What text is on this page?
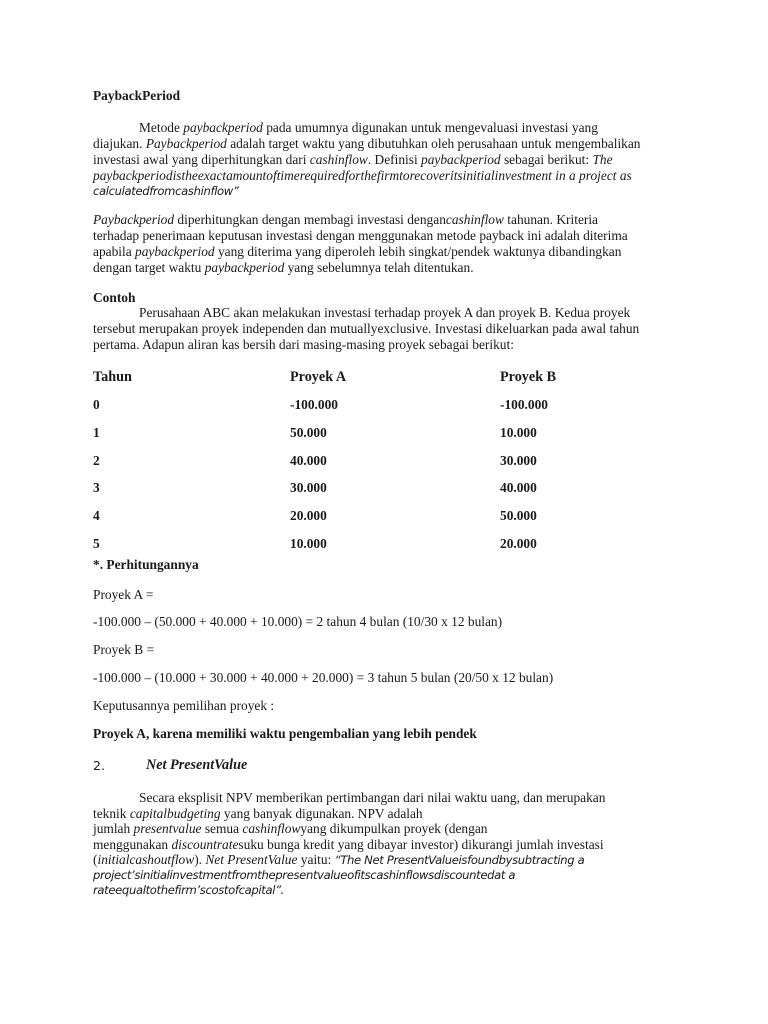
PaybackPeriod
Metode paybackperiod pada umumnya digunakan untuk mengevaluasi investasi yang
diajukan. Paybackperiod adalah target waktu yang dibutuhkan oleh perusahaan untuk mengembalikan
investasi awal yang diperhitungkan dari cashinflow. Definisi paybackperiod sebagai berikut: The
paybackperiodistheexactamountoftimerequiredforthefirmtorecoveritsinitialinvestment in a project as
calculatedfromcashinflow”
Paybackperiod diperhitungkan dengan membagi investasi dengancashinflow tahunan. Kriteria
terhadap penerimaan keputusan investasi dengan menggunakan metode payback ini adalah diterima
apabila paybackperiod yang diterima yang diperoleh lebih singkat/pendek waktunya dibandingkan
dengan target waktu paybackperiod yang sebelumnya telah ditentukan.
Contoh
Perusahaan ABC akan melakukan investasi terhadap proyek A dan proyek B. Kedua proyek
tersebut merupakan proyek independen dan mutuallyexclusive. Investasi dikeluarkan pada awal tahun
pertama. Adapun aliran kas bersih dari masing-masing proyek sebagai berikut:
Tahun	Proyek A	Proyek B
0	-100.000	-100.000
1	50.000	10.000
2	40.000	30.000
3	30.000	40.000
4	20.000	50.000
5	10.000	20.000
*. Perhitungannya
Proyek A =
-100.000 – (50.000 + 40.000 + 10.000) = 2 tahun 4 bulan (10/30 x 12 bulan)
Proyek B =
-100.000 – (10.000 + 30.000 + 40.000 + 20.000) = 3 tahun 5 bulan (20/50 x 12 bulan)
Keputusannya pemilihan proyek :
Proyek A, karena memiliki waktu pengembalian yang lebih pendek
2.	Net PresentValue
Secara eksplisit NPV memberikan pertimbangan dari nilai waktu uang, dan merupakan
teknik capitalbudgeting yang banyak digunakan. NPV adalah
jumlah presentvalue semua cashinflowyang dikumpulkan proyek (dengan
menggunakan discountratesuku bunga kredit yang dibayar investor) dikurangi jumlah investasi
(initialcashoutflow). Net PresentValue yaitu: “The Net PresentValueisfoundbysubtracting a
project’sinitialinvestmentfromthepresentvalueofitscashinflowsdiscountedat a
rateequaltothefirm’scostofcapital”.
